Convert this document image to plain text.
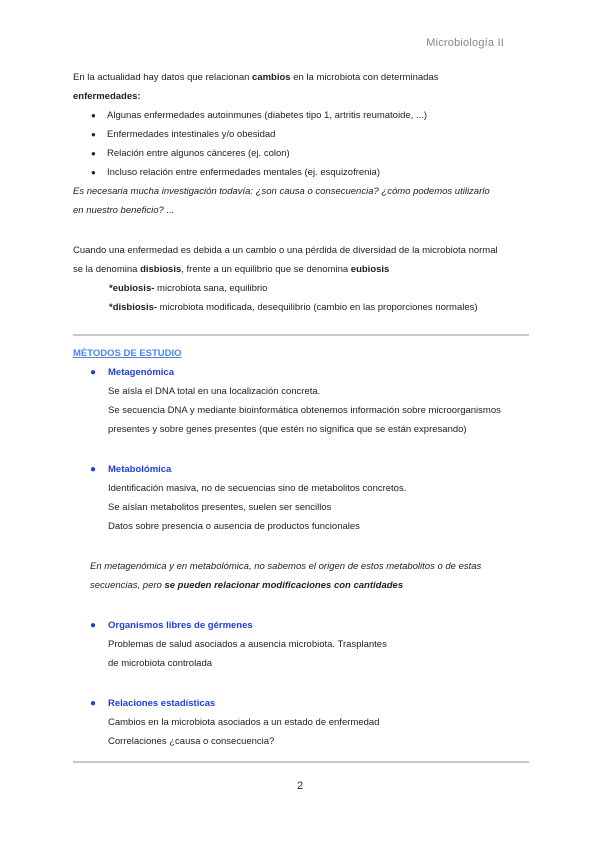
Microbiología II

En la actualidad hay datos que relacionan cambios en la microbiota con determinadas

enfermedades:

● Algunas enfermedades autoinmunes (diabetes tipo 1, artritis reumatoide, ...)
● Enfermedades intestinales y/o obesidad
● Relación entre algunos cánceres (ej. colon)
● Incluso relación entre enfermedades mentales (ej. esquizofrenia)

Es necesaria mucha investigación todavía: ¿son causa o consecuencia? ¿cómo podemos utilizarlo

en nuestro beneficio? ...

Cuando una enfermedad es debida a un cambio o una pérdida de diversidad de la microbiota normal

se la denomina disbiosis, frente a un equilibrio que se denomina eubiosis

*eubiosis- microbiota sana, equilibrio

*disbiosis- microbiota modificada, desequilibrio (cambio en las proporciones normales)

MÉTODOS DE ESTUDIO

● Metagenómica

Se aísla el DNA total en una localización concreta.

Se secuencia DNA y mediante bioinformática obtenemos información sobre microorganismos

presentes y sobre genes presentes (que estén no significa que se están expresando)

● Metabolómica

Identificación masiva, no de secuencias sino de metabolitos concretos.

Se aíslan metabolitos presentes, suelen ser sencillos

Datos sobre presencia o ausencia de productos funcionales

En metagenómica y en metabolómica, no sabemos el origen de estos metabolitos o de estas

secuencias, pero se pueden relacionar modificaciones con cantidades

● Organismos libres de gérmenes

Problemas de salud asociados a ausencia microbiota. Trasplantes

de microbiota controlada

● Relaciones estadísticas

Cambios en la microbiota asociados a un estado de enfermedad

Correlaciones ¿causa o consecuencia?

2
